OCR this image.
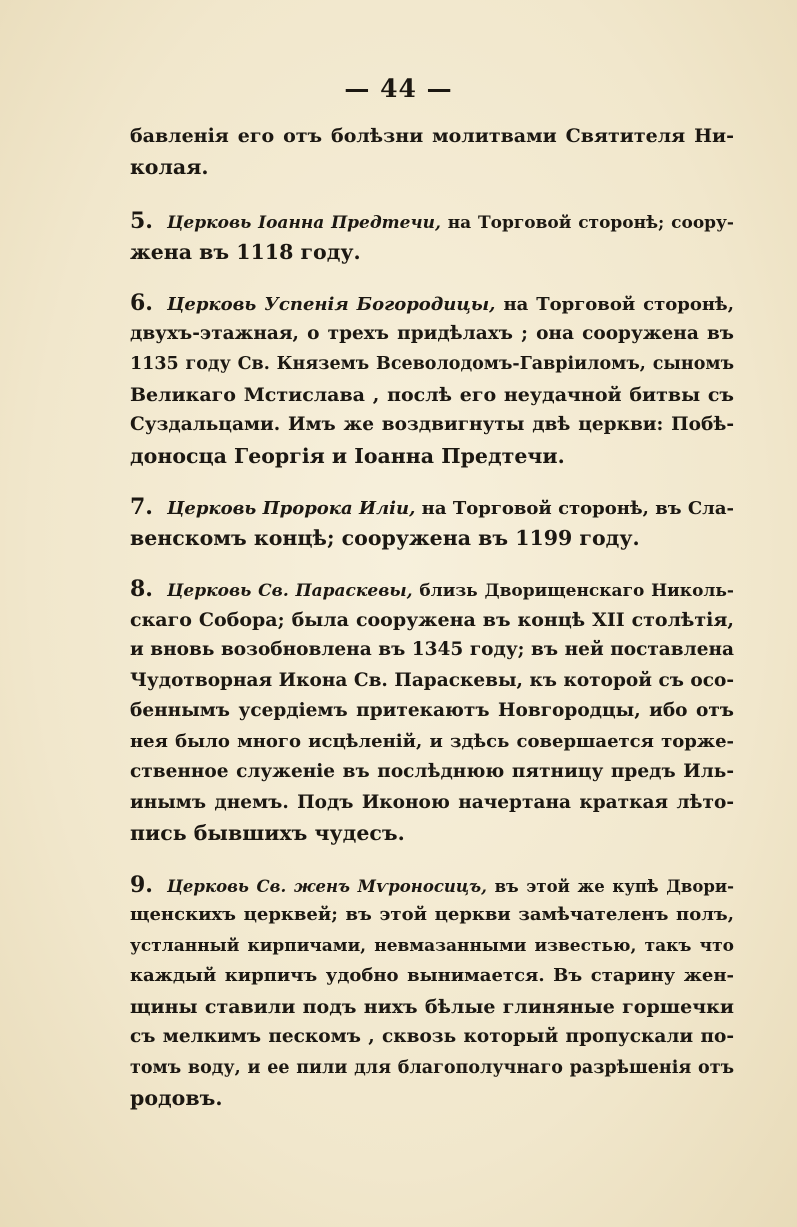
— 44 —
бавленія его отъ болѣзни молитвами Святителя Ни-
колая.
5. Церковь Іоанна Предтечи, на Торговой сторонѣ; соору-
жена въ 1118 году.
6. Церковь Успенія Богородицы, на Торговой сторонѣ,
двухъ-этажная, о трехъ придѣлахъ ; она сооружена въ
1135 году Св. Княземъ Всеволодомъ-Гавріиломъ, сыномъ
Великаго Мстислава , послѣ его неудачной битвы съ
Суздальцами. Имъ же воздвигнуты двѣ церкви: Побѣ-
доносца Георгія и Іоанна Предтечи.
7. Церковь Пророка Иліи, на Торговой сторонѣ, въ Сла-
венскомъ концѣ; сооружена въ 1199 году.
8. Церковь Св. Параскевы, близь Дворищенскаго Николь-
скаго Собора; была сооружена въ концѣ XII столѣтія,
и вновь возобновлена въ 1345 году; въ ней поставлена
Чудотворная Икона Св. Параскевы, къ которой съ осо-
беннымъ усердіемъ притекаютъ Новгородцы, ибо отъ
нея было много исцѣленій, и здѣсь совершается торже-
ственное служеніе въ послѣднюю пятницу предъ Иль-
инымъ днемъ. Подъ Иконою начертана краткая лѣто-
пись бывшихъ чудесъ.
9. Церковь Св. женъ Мѵроносицъ, въ этой же купѣ Двори-
щенскихъ церквей; въ этой церкви замѣчателенъ полъ,
устланный кирпичами, невмазанными известью, такъ что
каждый кирпичъ удобно вынимается. Въ старину жен-
щины ставили подъ нихъ бѣлые глиняные горшечки
съ мелкимъ пескомъ , сквозь который пропускали по-
томъ воду, и ее пили для благополучнаго разрѣшенія отъ
родовъ.
